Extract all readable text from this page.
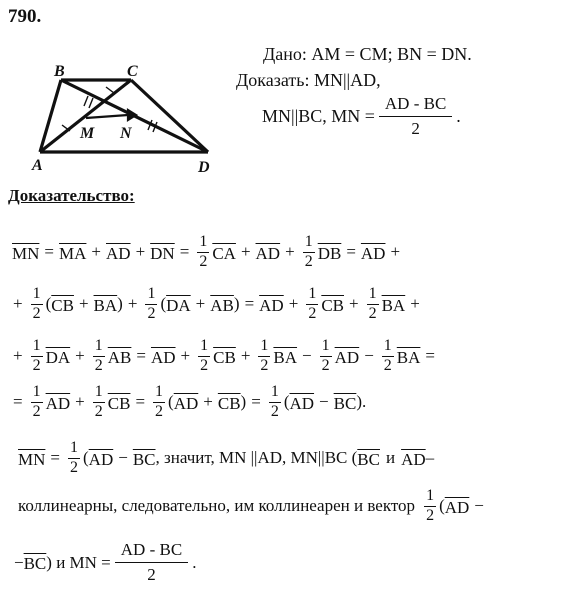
790.
B	C
A	D
M N
Дано: AM = CM; BN = DN.
Доказать: MN||AD,
MN||BC, MN = $\frac{AD - BC}{2}$ .
Доказательство:
$\overline{MN} = \overline{MA} + \overline{AD} + \overline{DN} = \frac{1}{2} \overline{CA} + \overline{AD} + \frac{1}{2} \overline{DB} = \overline{AD}$ +
+ $\frac{1}{2}$ ( $\overline{CB} + \overline{BA}$ ) + $\frac{1}{2}$ ( $\overline{DA} + \overline{AB}$ ) = $\overline{AD} + \frac{1}{2} \overline{CB} + \frac{1}{2} \overline{BA}$ +
+ $\frac{1}{2} \overline{DA} + \frac{1}{2} \overline{AB} = \overline{AD} + \frac{1}{2} \overline{CB} + \frac{1}{2} \overline{BA} - \frac{1}{2} \overline{AD} - \frac{1}{2} \overline{BA}$ =
= $\frac{1}{2} \overline{AD} + \frac{1}{2} \overline{CB} = \frac{1}{2}$ ( $\overline{AD} + \overline{CB}$ ) = $\frac{1}{2}$ ( $\overline{AD} - \overline{BC}$ ).
$\overline{MN} = \frac{1}{2}$ ( $\overline{AD} - \overline{BC}$ , значит, MN ||AD, MN||BC ( $\overline{BC}$ и $\overline{AD}$ –
коллинеарны, следовательно, им коллинеарен и вектор $\frac{1}{2}$ ( $\overline{AD}$ −
− $\overline{BC}$ ) и MN = $\frac{AD - BC}{2}$ .
